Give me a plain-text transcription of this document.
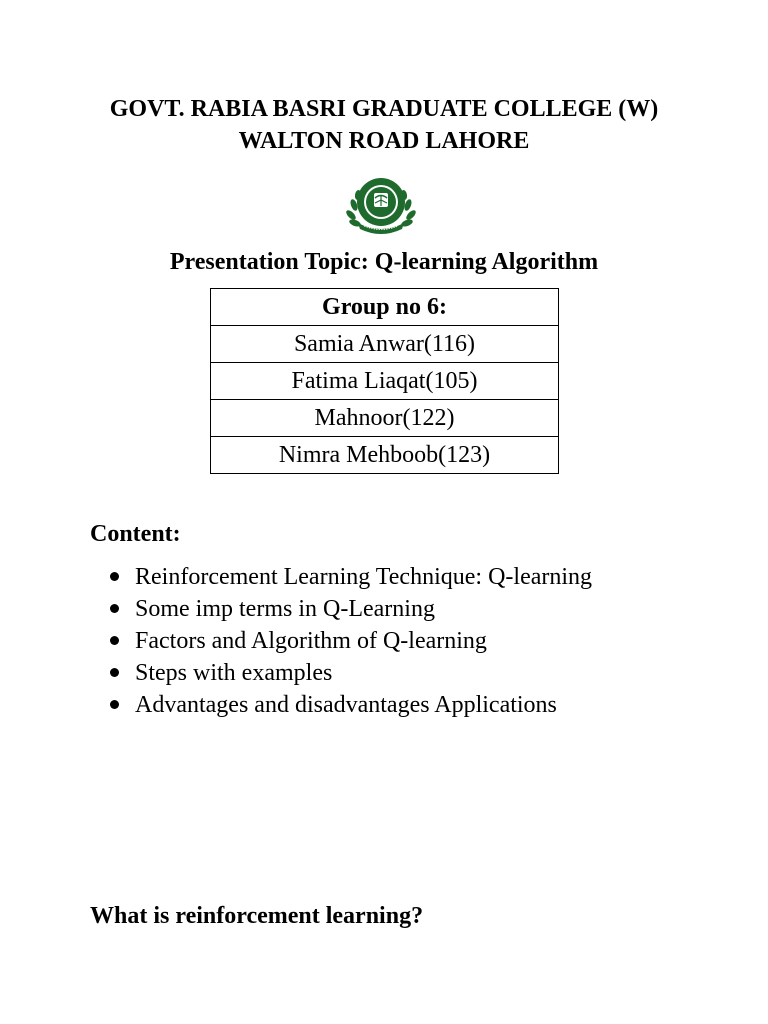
GOVT. RABIA BASRI GRADUATE COLLEGE (W)
WALTON ROAD LAHORE
Presentation Topic: Q-learning Algorithm
Group no 6:
Samia Anwar(116)
Fatima Liaqat(105)
Mahnoor(122)
Nimra Mehboob(123)
Content:
Reinforcement Learning Technique: Q-learning
Some imp terms in Q-Learning
Factors and Algorithm of Q-learning
Steps with examples
Advantages and disadvantages Applications
What is reinforcement learning?
